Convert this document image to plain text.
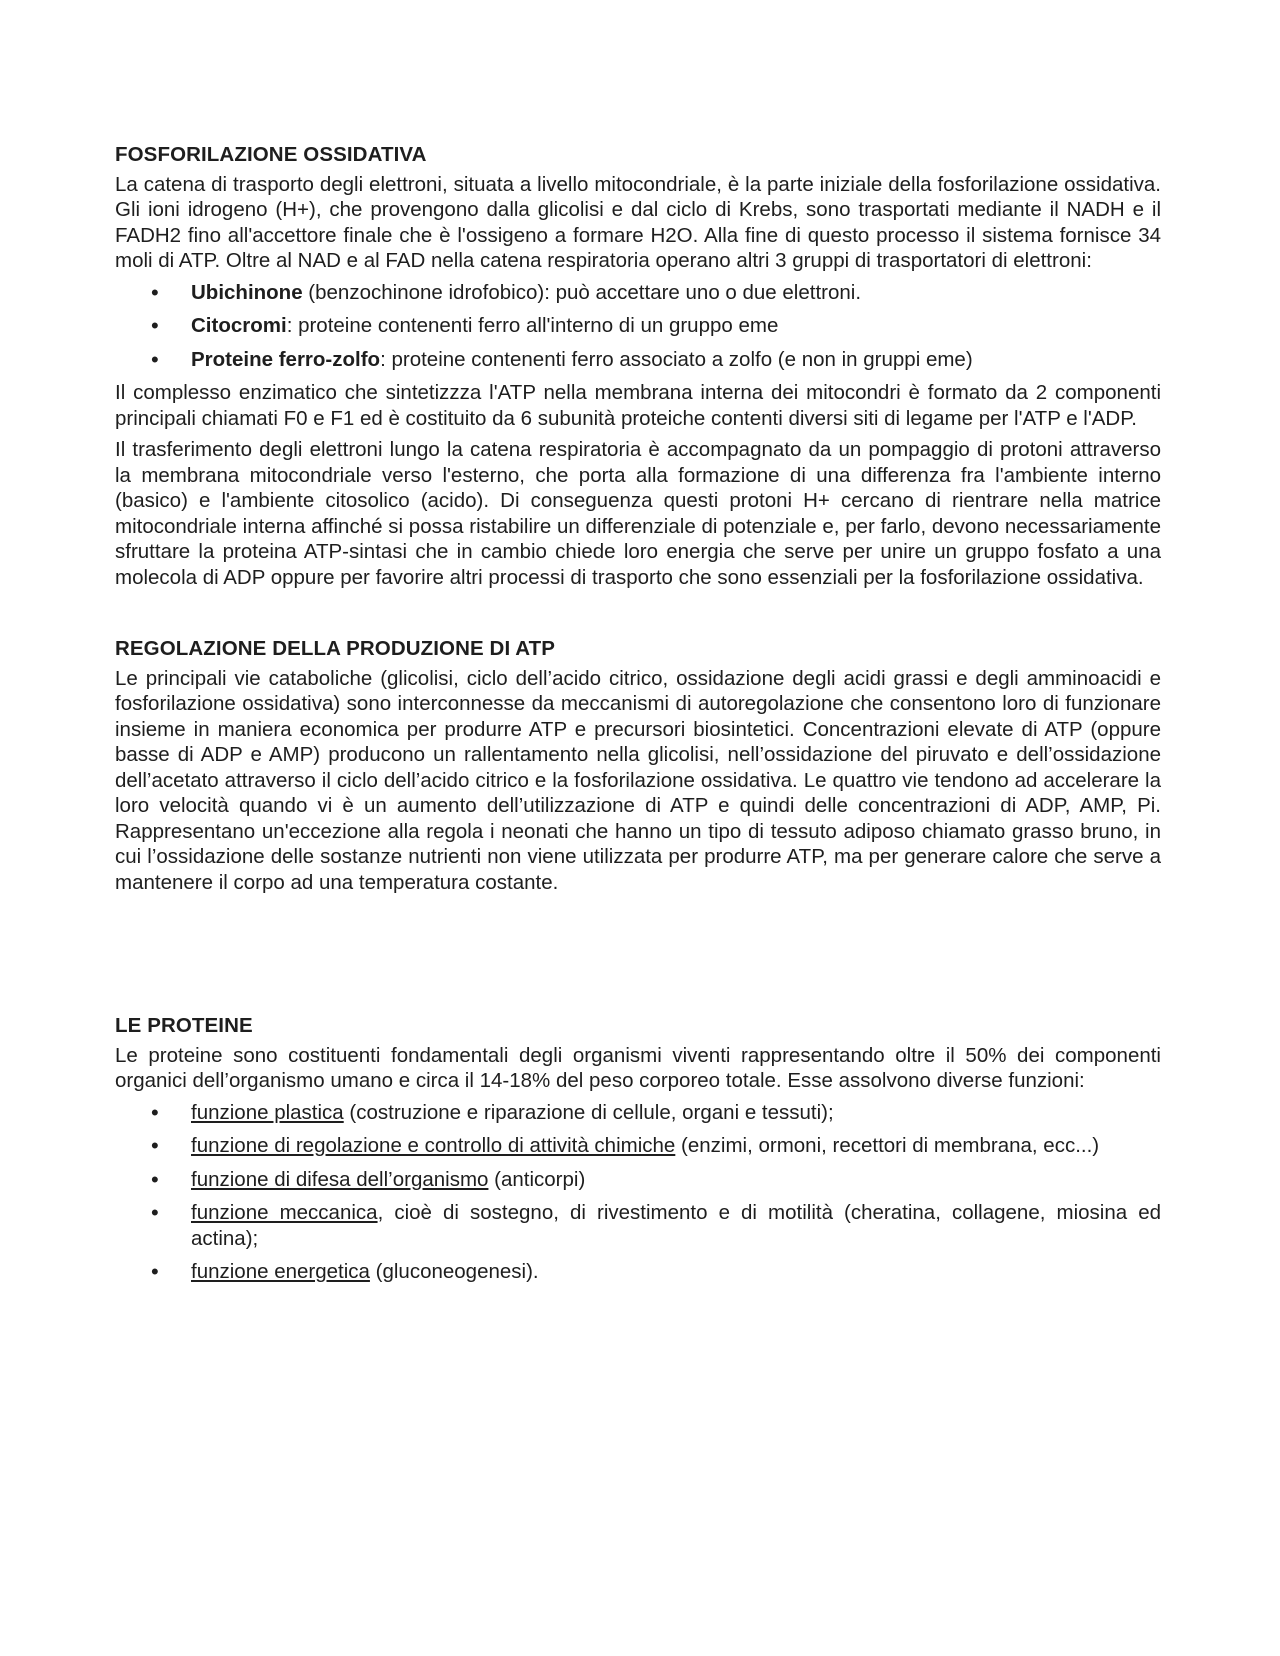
FOSFORILAZIONE OSSIDATIVA

La catena di trasporto degli elettroni, situata a livello mitocondriale, è la parte iniziale della fosforilazione ossidativa. Gli ioni idrogeno (H+), che provengono dalla glicolisi e dal ciclo di Krebs, sono trasportati mediante il NADH e il FADH2 fino all'accettore finale che è l'ossigeno a formare H2O. Alla fine di questo processo il sistema fornisce 34 moli di ATP. Oltre al NAD e al FAD nella catena respiratoria operano altri 3 gruppi di trasportatori di elettroni:

• Ubichinone (benzochinone idrofobico): può accettare uno o due elettroni.
• Citocromi: proteine contenenti ferro all'interno di un gruppo eme
• Proteine ferro-zolfo: proteine contenenti ferro associato a zolfo (e non in gruppi eme)

Il complesso enzimatico che sintetizzza l'ATP nella membrana interna dei mitocondri è formato da 2 componenti principali chiamati F0 e F1 ed è costituito da 6 subunità proteiche contenti diversi siti di legame per l'ATP e l'ADP.

Il trasferimento degli elettroni lungo la catena respiratoria è accompagnato da un pompaggio di protoni attraverso la membrana mitocondriale verso l'esterno, che porta alla formazione di una differenza fra l'ambiente interno (basico) e l'ambiente citosolico (acido). Di conseguenza questi protoni H+ cercano di rientrare nella matrice mitocondriale interna affinché si possa ristabilire un differenziale di potenziale e, per farlo, devono necessariamente sfruttare la proteina ATP-sintasi che in cambio chiede loro energia che serve per unire un gruppo fosfato a una molecola di ADP oppure per favorire altri processi di trasporto che sono essenziali per la fosforilazione ossidativa.

REGOLAZIONE DELLA PRODUZIONE DI ATP

Le principali vie cataboliche (glicolisi, ciclo dell’acido citrico, ossidazione degli acidi grassi e degli amminoacidi e fosforilazione ossidativa) sono interconnesse da meccanismi di autoregolazione che consentono loro di funzionare insieme in maniera economica per produrre ATP e precursori biosintetici. Concentrazioni elevate di ATP (oppure basse di ADP e AMP) producono un rallentamento nella glicolisi, nell’ossidazione del piruvato e dell’ossidazione dell’acetato attraverso il ciclo dell’acido citrico e la fosforilazione ossidativa. Le quattro vie tendono ad accelerare la loro velocità quando vi è un aumento dell’utilizzazione di ATP e quindi delle concentrazioni di ADP, AMP, Pi. Rappresentano un'eccezione alla regola i neonati che hanno un tipo di tessuto adiposo chiamato grasso bruno, in cui l’ossidazione delle sostanze nutrienti non viene utilizzata per produrre ATP, ma per generare calore che serve a mantenere il corpo ad una temperatura costante.

LE PROTEINE

Le proteine sono costituenti fondamentali degli organismi viventi rappresentando oltre il 50% dei componenti organici dell’organismo umano e circa il 14-18% del peso corporeo totale. Esse assolvono diverse funzioni:

• funzione plastica (costruzione e riparazione di cellule, organi e tessuti);
• funzione di regolazione e controllo di attività chimiche (enzimi, ormoni, recettori di membrana, ecc...)
• funzione di difesa dell’organismo (anticorpi)
• funzione meccanica, cioè di sostegno, di rivestimento e di motilità (cheratina, collagene, miosina ed actina);
• funzione energetica (gluconeogenesi).
